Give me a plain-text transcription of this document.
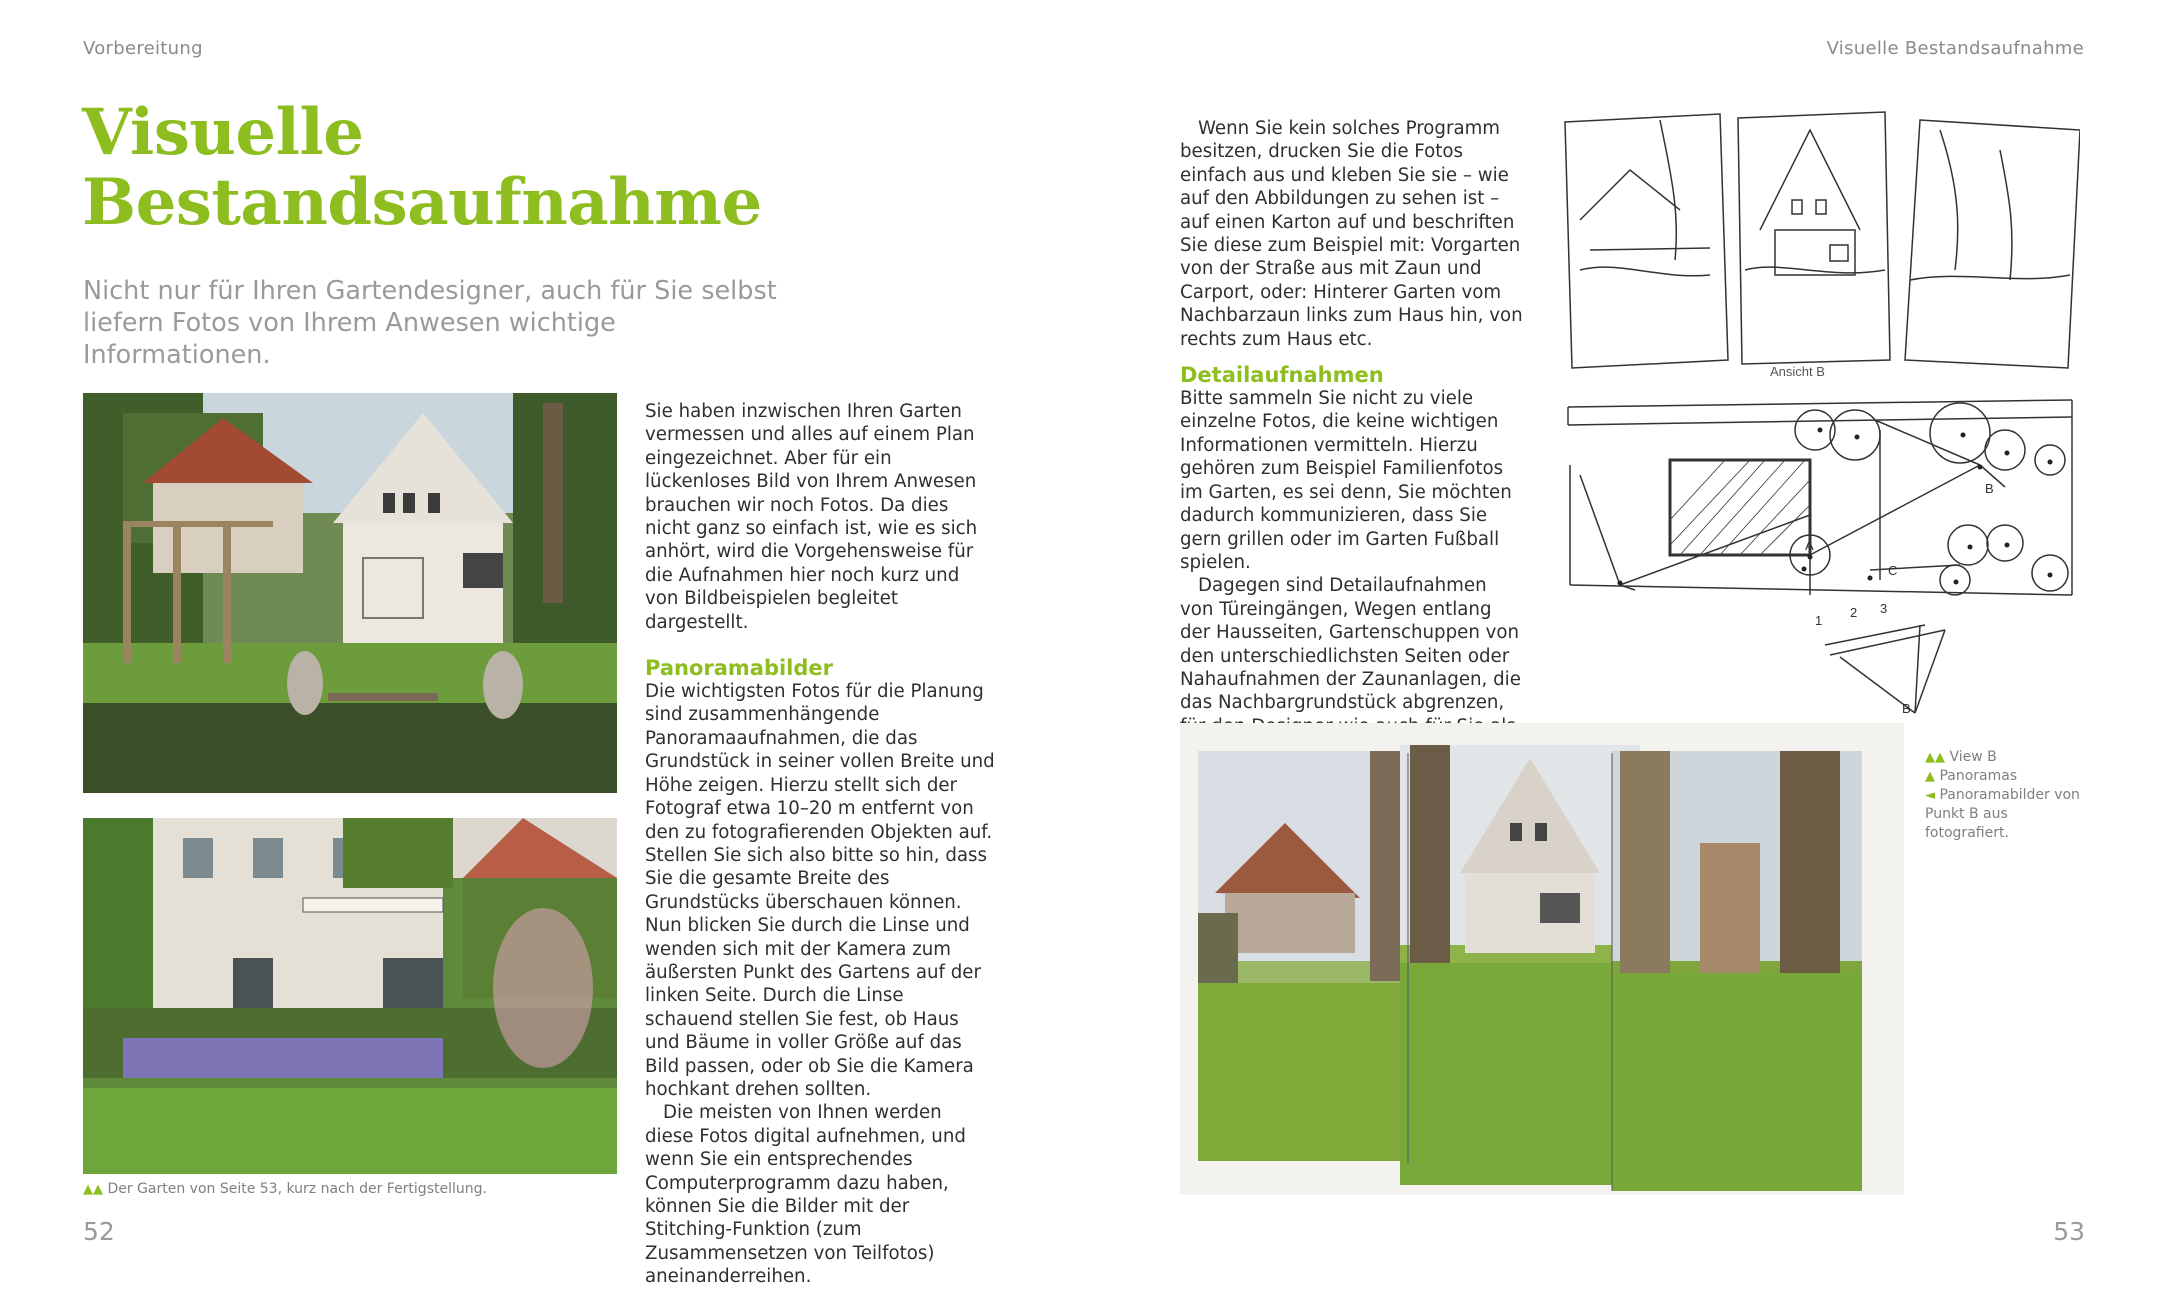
Vorbereitung	Visuelle Bestandsaufnahme
Visuelle
Bestandsaufnahme
Nicht nur für Ihren Gartendesigner, auch für Sie selbst liefern Fotos von Ihrem Anwesen wichtige Informationen.
▲▲ Der Garten von Seite 53, kurz nach der Fertigstellung.

Sie haben inzwischen Ihren Garten vermessen und alles auf einem Plan eingezeichnet. Aber für ein lückenloses Bild von Ihrem Anwesen brauchen wir noch Fotos. Da dies nicht ganz so einfach ist, wie es sich anhört, wird die Vorgehensweise für die Aufnahmen hier noch kurz und von Bildbeispielen begleitet dargestellt.

Panoramabilder

Die wichtigsten Fotos für die Planung sind zusammenhängende Panoramaaufnahmen, die das Grundstück in seiner vollen Breite und Höhe zeigen. Hierzu stellt sich der Fotograf etwa 10–20 m entfernt von den zu fotografierenden Objekten auf. Stellen Sie sich also bitte so hin, dass Sie die gesamte Breite des Grundstücks überschauen können. Nun blicken Sie durch die Linse und wenden sich mit der Kamera zum äußersten Punkt des Gartens auf der linken Seite. Durch die Linse schauend stellen Sie fest, ob Haus und Bäume in voller Größe auf das Bild passen, oder ob Sie die Kamera hochkant drehen sollten.

Die meisten von Ihnen werden diese Fotos digital aufnehmen, und wenn Sie ein entsprechendes Computerprogramm dazu haben, können Sie die Bilder mit der Stitching-Funktion (zum Zusammensetzen von Teilfotos) aneinanderreihen.

Wenn Sie kein solches Programm besitzen, drucken Sie die Fotos einfach aus und kleben Sie sie – wie auf den Abbildungen zu sehen ist – auf einen Karton auf und beschriften Sie diese zum Beispiel mit: Vorgarten von der Straße aus mit Zaun und Carport, oder: Hinterer Garten vom Nachbarzaun links zum Haus hin, von rechts zum Haus etc.

Detailaufnahmen

Bitte sammeln Sie nicht zu viele einzelne Fotos, die keine wichtigen Informationen vermitteln. Hierzu gehören zum Beispiel Familienfotos im Garten, es sei denn, Sie möchten dadurch kommunizieren, dass Sie gern grillen oder im Garten Fußball spielen.

Dagegen sind Detailaufnahmen von Türeingängen, Wegen entlang der Hausseiten, Gartenschuppen von den unterschiedlichsten Seiten oder Nahaufnahmen der Zaunanlagen, die das Nachbargrundstück abgrenzen,

Ansicht B
B
A
C
1
2 3
B
▲▲ View B
▲ Panoramas
◄ Panoramabilder von Punkt B aus fotografiert.
52	53
